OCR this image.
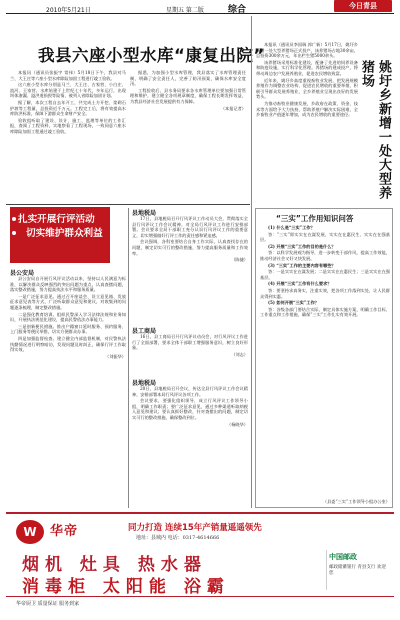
2010年5月21日	星期五 第二版	综合	今日青县
我县六座小型水库“康复出院”

本报讯（通讯员张振宇 常伟）5月18日下午，我县对马兰、大王庄等六座小型水库除险加固工程进行竣工验收。

这六座小型水库分别是马兰、大王庄、古家营、小白庄、流河、王家营。水库始建于上世纪七十年代，多年运行，出现坝体渗漏、溢洪道损毁等险情，被列入省除险加固计划。

据了解，本次工程自去年开工，共完成土方开挖、浆砌石护坡等工程量，总投资近千万元。工程完工后，将有效提高水库防洪标准，保障下游群众生命财产安全。

验收组听取了建设、设计、施工、监理等单位的工作汇报，查阅了工程资料，实地察看了工程现场，一致同意六座水库除险加固工程通过竣工验收。

据悉，为加强小型水库管理，我县落实了水库管理责任制，明确了安全责任人，完善了防汛预案，确保水库安全度汛。

工程验收后，县水务局要求各水库管理单位要加强日常管理和维护，建立健全各项规章制度，确保工程长期发挥效益，为我县经济社会发展提供有力保障。

（本报记者）

扎实开展行评活动
切实维护群众利益
县公安局

县公安局自开展行风评议活动以来，坚持以人民满意为标准，以解决群众反映强烈的突出问题为重点，认真查摆问题，落实整改措施，努力提高执法水平和服务质量。

一是广泛征求意见。通过召开座谈会、设立意见箱、发放征求意见表等方式，广泛听取群众意见和建议，对收集到的问题逐条梳理，制定整改措施。

二是强化教育培训。组织民警深入学习法律法规和业务知识，开展执法规范化建设，提高民警依法办事能力。

三是创新便民措施。推出户籍窗口延时服务、预约服务、上门服务等便民举措，切实方便群众办事。

四是加强监督检查。建立健全内部监督机制，对民警执法执勤情况进行明察暗访，发现问题及时纠正，确保行评工作取得实效。

（刘振华）

县地税局

17日，县地税局召开行风评议工作动员大会，贯彻落实全县行风评议工作会议精神，对全局行风评议工作进行安排部署。会议要求全局干部职工充分认识行风评议工作的重要意义，切实增强做好行评工作的责任感和紧迫感。

会议强调，各科室要结合自身工作实际，认真查找存在的问题，制定切实可行的整改措施，努力提高服务质量和工作效率。

（陈捷）

县工商局

16日，县工商局召开行风评议动员会，对行风评议工作进行了全面部署，要求全体干部职工增强服务意识，树立良好形象。

（刘志）

县地税局

20日，县地税局召开会议，传达全县行风评议工作会议精神，安排部署本局行风评议各项工作。

会议要求，要强化组织领导，成立行风评议工作领导小组，明确工作职责；要广泛征求意见，通过多种渠道听取纳税人意见和建议；要认真抓好整改，针对查摆出的问题，制定切实可行的整改措施，确保整改到位。

（杨晓华）

本报讯（通讯员李国瑞 郭广新）5月17日，姚圩乡新增一处大型养猪场正式投产，该养猪场占地30余亩，总投资300余万元，年出栏生猪5000余头。

该养猪场采用标准化建设，配备了先进的饲养设备和防疫设施，实行科学化管理。养猪场的建成投产，将带动周边农户发展养殖业，促进农民增收致富。

近年来，姚圩乡高度重视畜牧业发展，把发展规模养殖作为调整农业结构、促进农民增收的重要举措，积极引导群众发展养殖业，全乡养殖业呈现出良好的发展势头。

为推动畜牧业健康发展，乡政府在政策、资金、技术等方面给予大力扶持，帮助养殖户解决实际困难，全乡畜牧业产值逐年增加，成为农民增收的重要途径。	姚圩乡新增一处大型养猪场
“三实”工作用知识问答

(1) 什么是“三实”工作？

答：“三实”即实实在在谋发展、实实在在惠民生、实实在在强基层。

(2) 开展“三实”工作的目的是什么？

答：以科学发展观为指导，进一步转变干部作风，提高工作效能，推动经济社会又好又快发展。

(3) “三实”工作的主要内容有哪些？

答：一是实实在在谋发展；二是实实在在惠民生；三是实实在在强基层。

(4) 开展“三实”工作有什么要求？

答：要坚持求真务实，注重实效，把各项工作落到实处，让人民群众得到实惠。

(5) 如何开展“三实”工作？

答：各级各部门要结合实际，制定具体实施方案，明确工作目标、工作重点和工作措施，确保“三实”工作扎实有效开展。

（县委“三实”工作领导小组办公室）
W	华帝	同力打造 连续15年产销量遥遥领先
地址：县城内 电话：0317-4614666
烟机 灶具 热水器
消毒柜 太阳能 浴霸
中国邮政
邮政储蓄银行 青县支行 欢迎您
华帝厨卫 质量保证 服务到家
